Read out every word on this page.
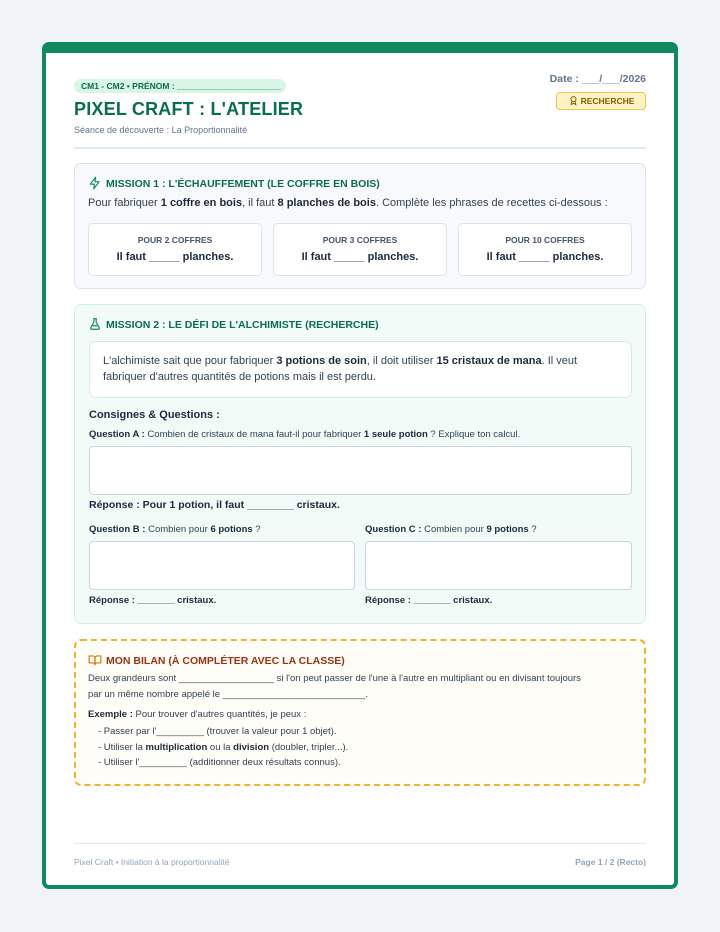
CM1 - CM2 • PRÉNOM : ______________________
PIXEL CRAFT : L'ATELIER
Séance de découverte : La Proportionnalité
Date : ___/___/2026
RECHERCHE
MISSION 1 : L'ÉCHAUFFEMENT (LE COFFRE EN BOIS)
Pour fabriquer 1 coffre en bois, il faut 8 planches de bois. Complète les phrases de recettes ci-dessous :
POUR 2 COFFRES
Il faut _____ planches.
POUR 3 COFFRES
Il faut _____ planches.
POUR 10 COFFRES
Il faut _____ planches.
MISSION 2 : LE DÉFI DE L'ALCHIMISTE (RECHERCHE)
L'alchimiste sait que pour fabriquer 3 potions de soin, il doit utiliser 15 cristaux de mana. Il veut fabriquer d'autres quantités de potions mais il est perdu.
Consignes & Questions :
Question A : Combien de cristaux de mana faut-il pour fabriquer 1 seule potion ? Explique ton calcul.
Réponse : Pour 1 potion, il faut ________ cristaux.
Question B : Combien pour 6 potions ?
Réponse : _______ cristaux.
Question C : Combien pour 9 potions ?
Réponse : _______ cristaux.
MON BILAN (À COMPLÉTER AVEC LA CLASSE)
Deux grandeurs sont __________________ si l'on peut passer de l'une à l'autre en multipliant ou en divisant toujours
par un même nombre appelé le ___________________________.
Exemple : Pour trouver d'autres quantités, je peux :
- Passer par l'_________ (trouver la valeur pour 1 objet).
- Utiliser la multiplication ou la division (doubler, tripler...).
- Utiliser l'_________ (additionner deux résultats connus).
Pixel Craft • Initiation à la proportionnalité	Page 1 / 2 (Recto)
